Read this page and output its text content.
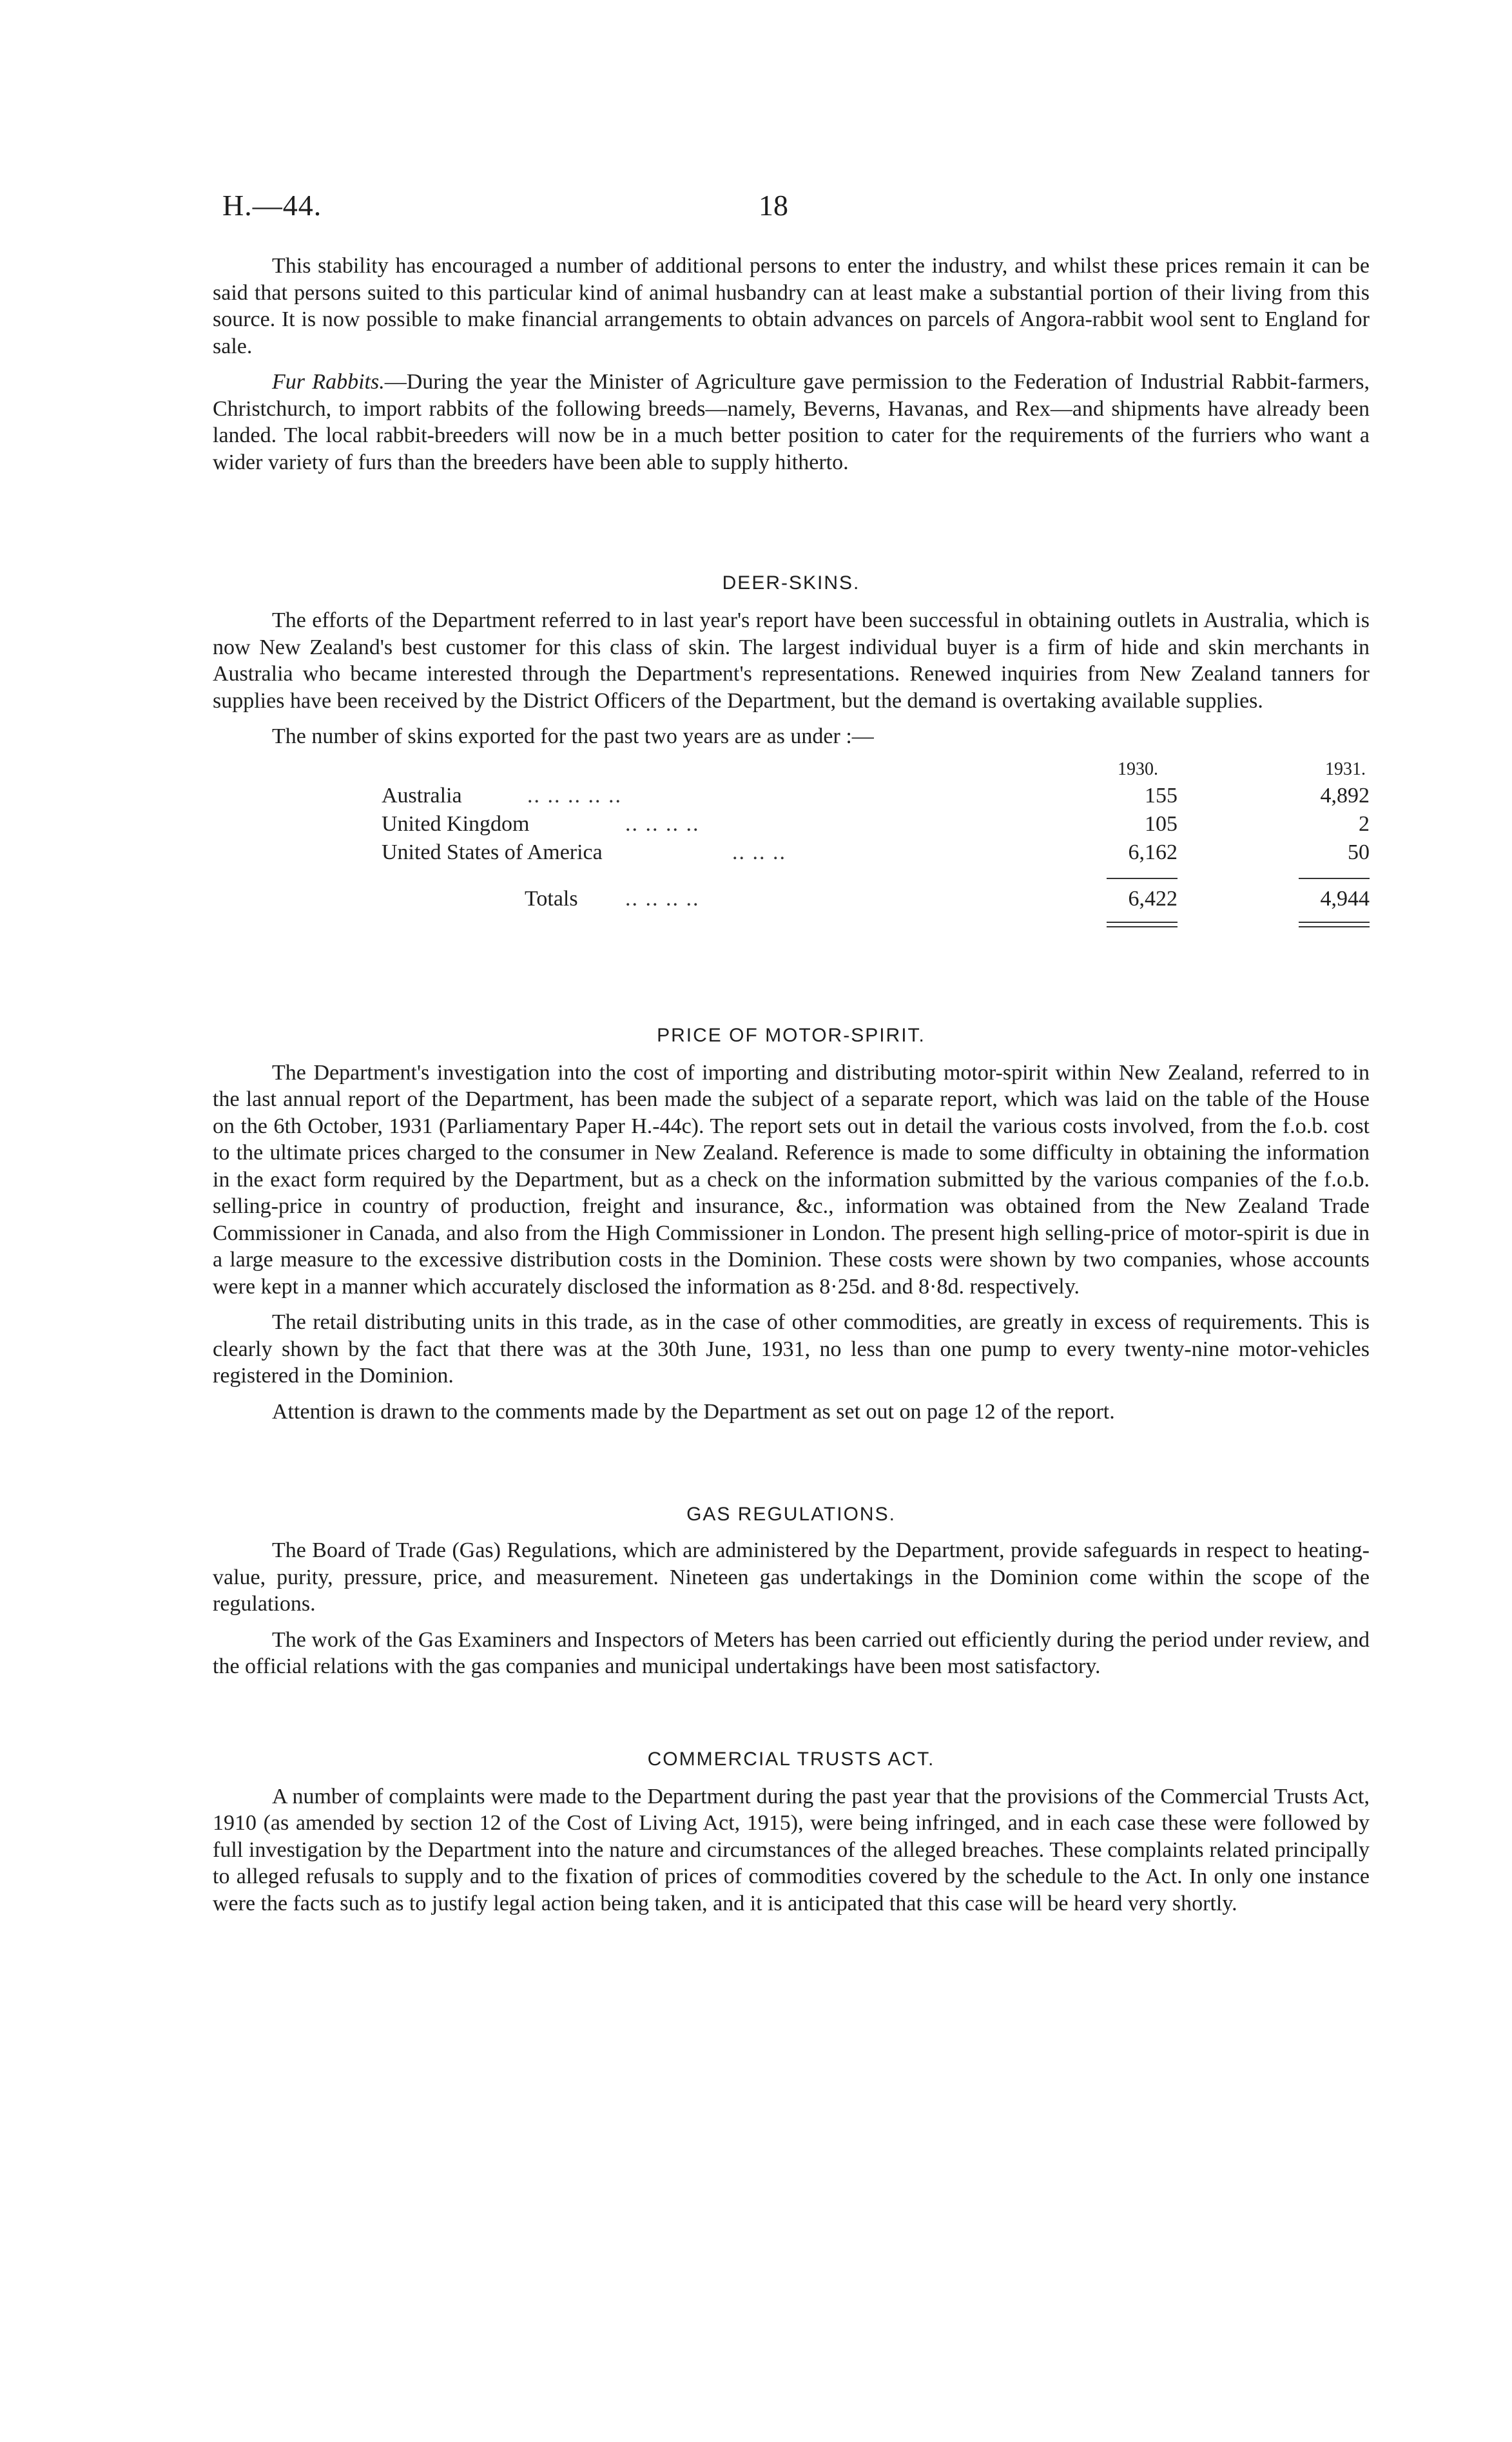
H.—44.	18

This stability has encouraged a number of additional persons to enter the industry, and whilst these prices remain it can be said that persons suited to this particular kind of animal husbandry can at least make a substantial portion of their living from this source. It is now possible to make financial arrangements to obtain advances on parcels of Angora-rabbit wool sent to England for sale.

Fur Rabbits.—During the year the Minister of Agriculture gave permission to the Federation of Industrial Rabbit-farmers, Christchurch, to import rabbits of the following breeds—namely, Beverns, Havanas, and Rex—and shipments have already been landed. The local rabbit-breeders will now be in a much better position to cater for the requirements of the furriers who want a wider variety of furs than the breeders have been able to supply hitherto.

DEER-SKINS.

The efforts of the Department referred to in last year's report have been successful in obtaining outlets in Australia, which is now New Zealand's best customer for this class of skin. The largest individual buyer is a firm of hide and skin merchants in Australia who became interested through the Department's representations. Renewed inquiries from New Zealand tanners for supplies have been received by the District Officers of the Department, but the demand is overtaking available supplies.

The number of skins exported for the past two years are as under :—

1930.	1931.
Australia	.. .. .. .. ..	155	4,892
United Kingdom	.. .. .. ..	105	2
United States of America	.. .. ..	6,162	50
Totals .. .. .. ..	6,422	4,944
PRICE OF MOTOR-SPIRIT.

The Department's investigation into the cost of importing and distributing motor-spirit within New Zealand, referred to in the last annual report of the Department, has been made the subject of a separate report, which was laid on the table of the House on the 6th October, 1931 (Parliamentary Paper H.-44c). The report sets out in detail the various costs involved, from the f.o.b. cost to the ultimate prices charged to the consumer in New Zealand. Reference is made to some difficulty in obtaining the information in the exact form required by the Department, but as a check on the information submitted by the various companies of the f.o.b. selling-price in country of production, freight and insurance, &c., information was obtained from the New Zealand Trade Commissioner in Canada, and also from the High Commissioner in London. The present high selling-price of motor-spirit is due in a large measure to the excessive distribution costs in the Dominion. These costs were shown by two companies, whose accounts were kept in a manner which accurately disclosed the information as 8·25d. and 8·8d. respectively.

The retail distributing units in this trade, as in the case of other commodities, are greatly in excess of requirements. This is clearly shown by the fact that there was at the 30th June, 1931, no less than one pump to every twenty-nine motor-vehicles registered in the Dominion.

Attention is drawn to the comments made by the Department as set out on page 12 of the report.

GAS REGULATIONS.

The Board of Trade (Gas) Regulations, which are administered by the Department, provide safeguards in respect to heating-value, purity, pressure, price, and measurement. Nineteen gas undertakings in the Dominion come within the scope of the regulations.

The work of the Gas Examiners and Inspectors of Meters has been carried out efficiently during the period under review, and the official relations with the gas companies and municipal undertakings have been most satisfactory.

COMMERCIAL TRUSTS ACT.

A number of complaints were made to the Department during the past year that the provisions of the Commercial Trusts Act, 1910 (as amended by section 12 of the Cost of Living Act, 1915), were being infringed, and in each case these were followed by full investigation by the Department into the nature and circumstances of the alleged breaches. These complaints related principally to alleged refusals to supply and to the fixation of prices of commodities covered by the schedule to the Act. In only one instance were the facts such as to justify legal action being taken, and it is anticipated that this case will be heard very shortly.
